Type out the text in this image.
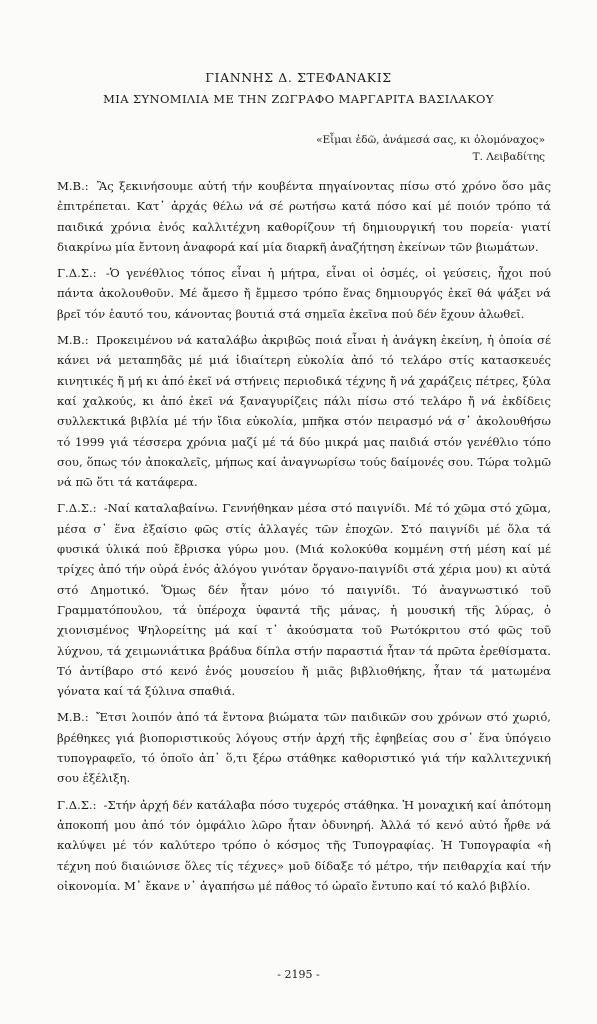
ΓΙΑΝΝΗΣ Δ. ΣΤΕΦΑΝΑΚΙΣ
ΜΙΑ ΣΥΝΟΜΙΛΙΑ ΜΕ ΤΗΝ ΖΩΓΡΑΦΟ ΜΑΡΓΑΡΙΤΑ ΒΑΣΙΛΑΚΟΥ
«Εἶμαι ἐδῶ, ἀνάμεσά σας, κι ὁλομόναχος»
Τ. Λειβαδίτης

Μ.Β.: Ἂς ξεκινήσουμε αὐτή τήν κουβέντα πηγαίνοντας πίσω στό χρόνο ὅσο μᾶς ἐπιτρέπεται. Κατ᾽ ἀρχάς θέλω νά σέ ρωτήσω κατά πόσο καί μέ ποιόν τρόπο τά παιδικά χρόνια ἑνός καλλιτέχνη καθορίζουν τή δημιουργική του πορεία· γιατί διακρίνω μία ἔντονη ἀναφορά καί μία διαρκῆ ἀναζήτηση ἐκείνων τῶν βιωμάτων.

Γ.Δ.Σ.: -Ὁ γενέθλιος τόπος εἶναι ἡ μήτρα, εἶναι οἱ ὀσμές, οἱ γεύσεις, ἦχοι πού πάντα ἀκολουθοῦν. Μέ ἄμεσο ἤ ἔμμεσο τρόπο ἕνας δημιουργός ἐκεῖ θά ψάξει νά βρεῖ τόν ἑαυτό του, κάνοντας βουτιά στά σημεῖα ἐκεῖνα πού δέν ἔχουν ἀλωθεῖ.

Μ.Β.: Προκειμένου νά καταλάβω ἀκριβῶς ποιά εἶναι ἡ ἀνάγκη ἐκείνη, ἡ ὁποία σέ κάνει νά μεταπηδᾶς μέ μιά ἰδιαίτερη εὐκολία ἀπό τό τελάρο στίς κατασκευές κινητικές ἤ μή κι ἀπό ἐκεῖ νά στήνεις περιοδικά τέχνης ἤ νά χαράζεις πέτρες, ξύλα καί χαλκούς, κι ἀπό ἐκεῖ νά ξαναγυρίζεις πάλι πίσω στό τελάρο ἤ νά ἐκδίδεις συλλεκτικά βιβλία μέ τήν ἴδια εὐκολία, μπῆκα στόν πειρασμό νά σ᾽ ἀκολουθήσω τό 1999 γιά τέσσερα χρόνια μαζί μέ τά δύο μικρά μας παιδιά στόν γενέθλιο τόπο σου, ὅπως τόν ἀποκαλεῖς, μήπως καί ἀναγνωρίσω τούς δαίμονές σου. Τώρα τολμῶ νά πῶ ὅτι τά κατάφερα.

Γ.Δ.Σ.: -Ναί καταλαβαίνω. Γεννήθηκαν μέσα στό παιγνίδι. Μέ τό χῶμα στό χῶμα, μέσα σ᾽ ἕνα ἐξαίσιο φῶς στίς ἀλλαγές τῶν ἐποχῶν. Στό παιγνίδι μέ ὅλα τά φυσικά ὑλικά πού ἔβρισκα γύρω μου. (Μιά κολοκύθα κομμένη στή μέση καί μέ τρίχες ἀπό τήν οὐρά ἑνός ἀλόγου γινόταν ὄργανο-παιγνίδι στά χέρια μου) κι αὐτά στό Δημοτικό. Ὅμως δέν ἦταν μόνο τό παιγνίδι. Τό ἀναγνωστικό τοῦ Γραμματόπουλου, τά ὑπέροχα ὑφαντά τῆς μάνας, ἡ μουσική τῆς λύρας, ὁ χιονισμένος Ψηλορείτης μά καί τ᾽ ἀκούσματα τοῦ Ρωτόκριτου στό φῶς τοῦ λύχνου, τά χειμωνιάτικα βράδυα δίπλα στήν παραστιά ἦταν τά πρῶτα ἐρεθίσματα. Τό ἀντίβαρο στό κενό ἑνός μουσείου ἤ μιᾶς βιβλιοθήκης, ἦταν τά ματωμένα γόνατα καί τά ξύλινα σπαθιά.

Μ.Β.: Ἔτσι λοιπόν ἀπό τά ἔντονα βιώματα τῶν παιδικῶν σου χρόνων στό χωριό, βρέθηκες γιά βιοποριστικούς λόγους στήν ἀρχή τῆς ἐφηβείας σου σ᾽ ἕνα ὑπόγειο τυπογραφεῖο, τό ὁποῖο ἀπ᾽ ὅ,τι ξέρω στάθηκε καθοριστικό γιά τήν καλλιτεχνική σου ἐξέλιξη.

Γ.Δ.Σ.: -Στήν ἀρχή δέν κατάλαβα πόσο τυχερός στάθηκα. Ἡ μοναχική καί ἀπότομη ἀποκοπή μου ἀπό τόν ὀμφάλιο λῶρο ἦταν ὀδυνηρή. Ἀλλά τό κενό αὐτό ἦρθε νά καλύψει μέ τόν καλύτερο τρόπο ὁ κόσμος τῆς Τυπογραφίας. Ἡ Τυπογραφία «ἡ τέχνη πού διαιώνισε ὅλες τίς τέχνες» μοῦ δίδαξε τό μέτρο, τήν πειθαρχία καί τήν οἰκονομία. Μ᾽ ἔκανε ν᾽ ἀγαπήσω μέ πάθος τό ὡραῖο ἔντυπο καί τό καλό βιβλίο.

- 2195 -
